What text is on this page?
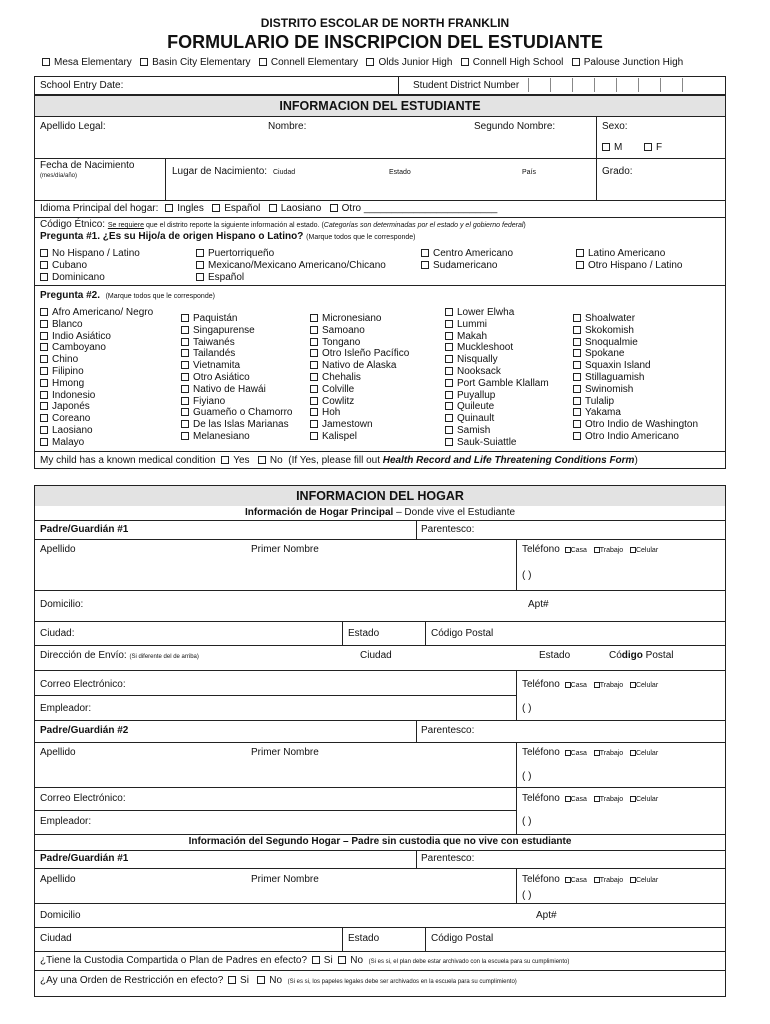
DISTRITO ESCOLAR DE NORTH FRANKLIN
FORMULARIO DE INSCRIPCION DEL ESTUDIANTE
Mesa Elementary Basin City Elementary Connell Elementary Olds Junior High Connell High School Palouse Junction High
School Entry Date:	Student District Number
INFORMACION DEL ESTUDIANTE
Apellido Legal:	Nombre:	Segundo Nombre:	Sexo:
M	F
Fecha de Nacimiento
(mes/día/año)	Lugar de Nacimiento: Ciudad	Estado	País	Grado:
Idioma Principal del hogar: Ingles Español Laosiano Otro ________________________
Código Étnico: Se requiere que el distrito reporte la siguiente información al estado. (Categorías son determinadas por el estado y el gobierno federal)
Pregunta #1. ¿Es su Hijo/a de origen Hispano o Latino? (Marque todos que le corresponde)
No Hispano / Latino
Cubano
Dominicano
Puertorriqueño
Mexicano/Mexicano Americano/Chicano
Español
Centro Americano
Sudamericano
Latino Americano
Otro Hispano / Latino
Pregunta #2. (Marque todos que le corresponde)
Afro Americano/ Negro
Blanco
Indio Asiático
Camboyano
Chino
Filipino
Hmong
Indonesio
Japonés
Coreano
Laosiano
Malayo
Paquistán
Singapurense
Taiwanés
Tailandés
Vietnamita
Otro Asiático
Nativo de Hawái
Fiyiano
Guameño o Chamorro
De las Islas Marianas
Melanesiano
Micronesiano
Samoano
Tongano
Otro Isleño Pacífico
Nativo de Alaska
Chehalis
Colville
Cowlitz
Hoh
Jamestown
Kalispel
Lower Elwha
Lummi
Makah
Muckleshoot
Nisqually
Nooksack
Port Gamble Klallam
Puyallup
Quileute
Quinault
Samish
Sauk-Suiattle
Shoalwater
Skokomish
Snoqualmie
Spokane
Squaxin Island
Stillaguamish
Swinomish
Tulalip
Yakama
Otro Indio de Washington
Otro Indio Americano
My child has a known medical condition Yes No (If Yes, please fill out Health Record and Life Threatening Conditions Form)
INFORMACION DEL HOGAR
Información de Hogar Principal – Donde vive el Estudiante
Padre/Guardián #1	Parentesco:
Apellido	Primer Nombre	Teléfono Casa Trabajo Celular
( )
Domicilio:	Apt#
Ciudad:	Estado	Código Postal
Dirección de Envío: (Si diferente del de arriba)	Ciudad	Estado	Código Postal
Correo Electrónico:	Teléfono Casa Trabajo Celular
Empleador:	( )
Padre/Guardián #2	Parentesco:
Apellido	Primer Nombre	Teléfono Casa Trabajo Celular
( )
Correo Electrónico:	Teléfono Casa Trabajo Celular
Empleador:	( )
Información del Segundo Hogar – Padre sin custodia que no vive con estudiante
Padre/Guardián #1	Parentesco:
Apellido	Primer Nombre	Teléfono Casa Trabajo Celular
( )
Domicilio	Apt#
Ciudad	Estado	Código Postal
¿Tiene la Custodia Compartida o Plan de Padres en efecto? Si No (Si es si, el plan debe estar archivado con la escuela para su cumplimiento)
¿Ay una Orden de Restricción en efecto? Si No (Si es si, los papeles legales debe ser archivados en la escuela para su cumplimiento)
